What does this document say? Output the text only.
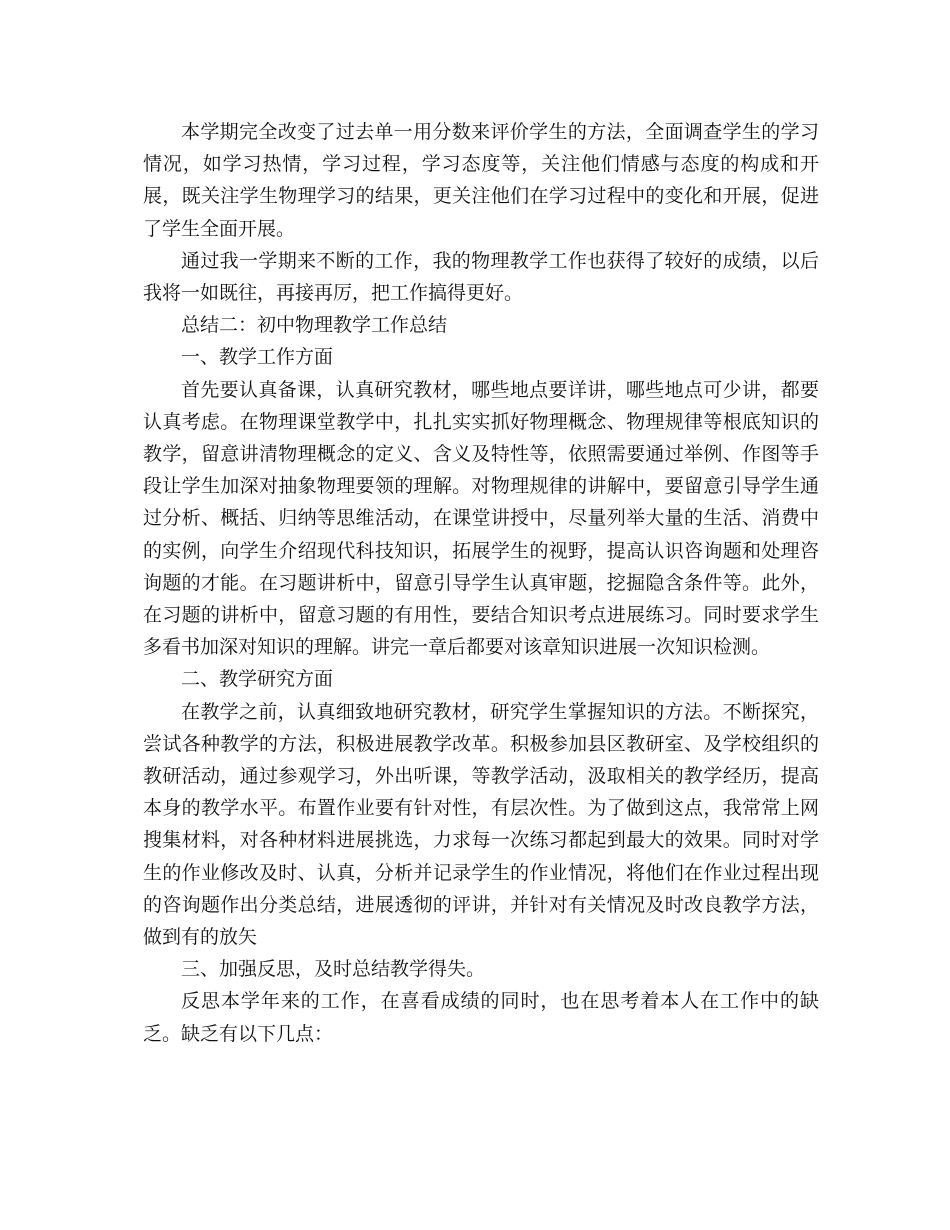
本学期完全改变了过去单一用分数来评价学生的方法，全面调查学生的学习情况，如学习热情，学习过程，学习态度等，关注他们情感与态度的构成和开展，既关注学生物理学习的结果，更关注他们在学习过程中的变化和开展，促进了学生全面开展。

通过我一学期来不断的工作，我的物理教学工作也获得了较好的成绩，以后我将一如既往，再接再厉，把工作搞得更好。

总结二：初中物理教学工作总结

一、教学工作方面

首先要认真备课，认真研究教材，哪些地点要详讲，哪些地点可少讲，都要认真考虑。在物理课堂教学中，扎扎实实抓好物理概念、物理规律等根底知识的教学，留意讲清物理概念的定义、含义及特性等，依照需要通过举例、作图等手段让学生加深对抽象物理要领的理解。对物理规律的讲解中，要留意引导学生通过分析、概括、归纳等思维活动，在课堂讲授中，尽量列举大量的生活、消费中的实例，向学生介绍现代科技知识，拓展学生的视野，提高认识咨询题和处理咨询题的才能。在习题讲析中，留意引导学生认真审题，挖掘隐含条件等。此外，在习题的讲析中，留意习题的有用性，要结合知识考点进展练习。同时要求学生多看书加深对知识的理解。讲完一章后都要对该章知识进展一次知识检测。

二、教学研究方面

在教学之前，认真细致地研究教材，研究学生掌握知识的方法。不断探究，尝试各种教学的方法，积极进展教学改革。积极参加县区教研室、及学校组织的教研活动，通过参观学习，外出听课，等教学活动，汲取相关的教学经历，提高本身的教学水平。布置作业要有针对性，有层次性。为了做到这点，我常常上网搜集材料，对各种材料进展挑选，力求每一次练习都起到最大的效果。同时对学生的作业修改及时、认真，分析并记录学生的作业情况，将他们在作业过程出现的咨询题作出分类总结，进展透彻的评讲，并针对有关情况及时改良教学方法，做到有的放矢

三、加强反思，及时总结教学得失。

反思本学年来的工作，在喜看成绩的同时，也在思考着本人在工作中的缺乏。缺乏有以下几点：
